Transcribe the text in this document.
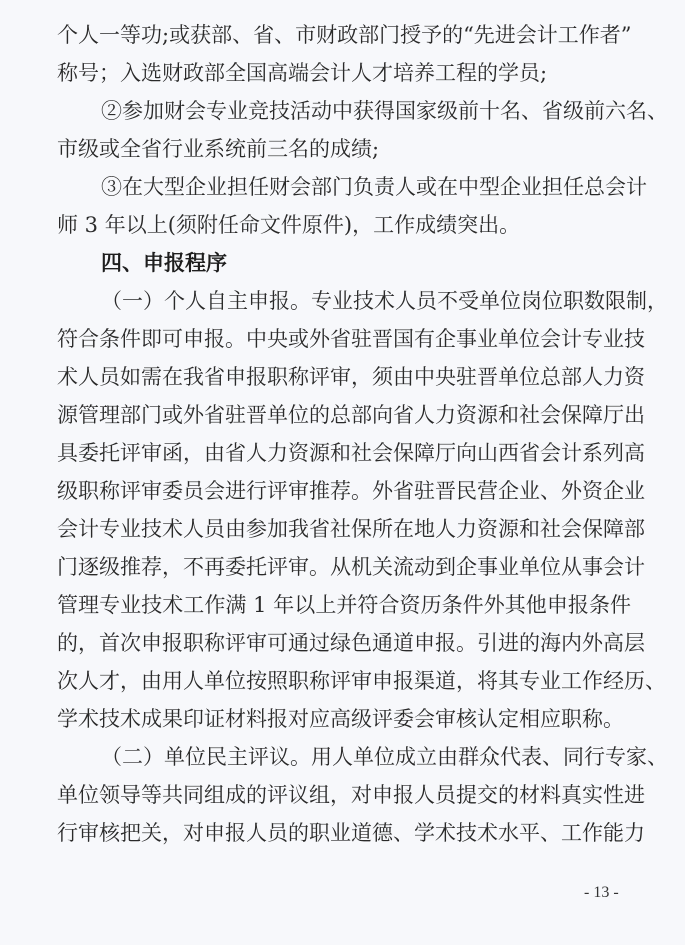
个人一等功;或获部、省、市财政部门授予的“先进会计工作者”
称号；入选财政部全国高端会计人才培养工程的学员;
②参加财会专业竞技活动中获得国家级前十名、省级前六名、
市级或全省行业系统前三名的成绩;
③在大型企业担任财会部门负责人或在中型企业担任总会计
师 3 年以上(须附任命文件原件)，工作成绩突出。
四、申报程序
（一）个人自主申报。专业技术人员不受单位岗位职数限制，
符合条件即可申报。中央或外省驻晋国有企事业单位会计专业技
术人员如需在我省申报职称评审，须由中央驻晋单位总部人力资
源管理部门或外省驻晋单位的总部向省人力资源和社会保障厅出
具委托评审函，由省人力资源和社会保障厅向山西省会计系列高
级职称评审委员会进行评审推荐。外省驻晋民营企业、外资企业
会计专业技术人员由参加我省社保所在地人力资源和社会保障部
门逐级推荐，不再委托评审。从机关流动到企事业单位从事会计
管理专业技术工作满 1 年以上并符合资历条件外其他申报条件
的，首次申报职称评审可通过绿色通道申报。引进的海内外高层
次人才，由用人单位按照职称评审申报渠道，将其专业工作经历、
学术技术成果印证材料报对应高级评委会审核认定相应职称。
（二）单位民主评议。用人单位成立由群众代表、同行专家、
单位领导等共同组成的评议组，对申报人员提交的材料真实性进
行审核把关，对申报人员的职业道德、学术技术水平、工作能力
- 13 -
